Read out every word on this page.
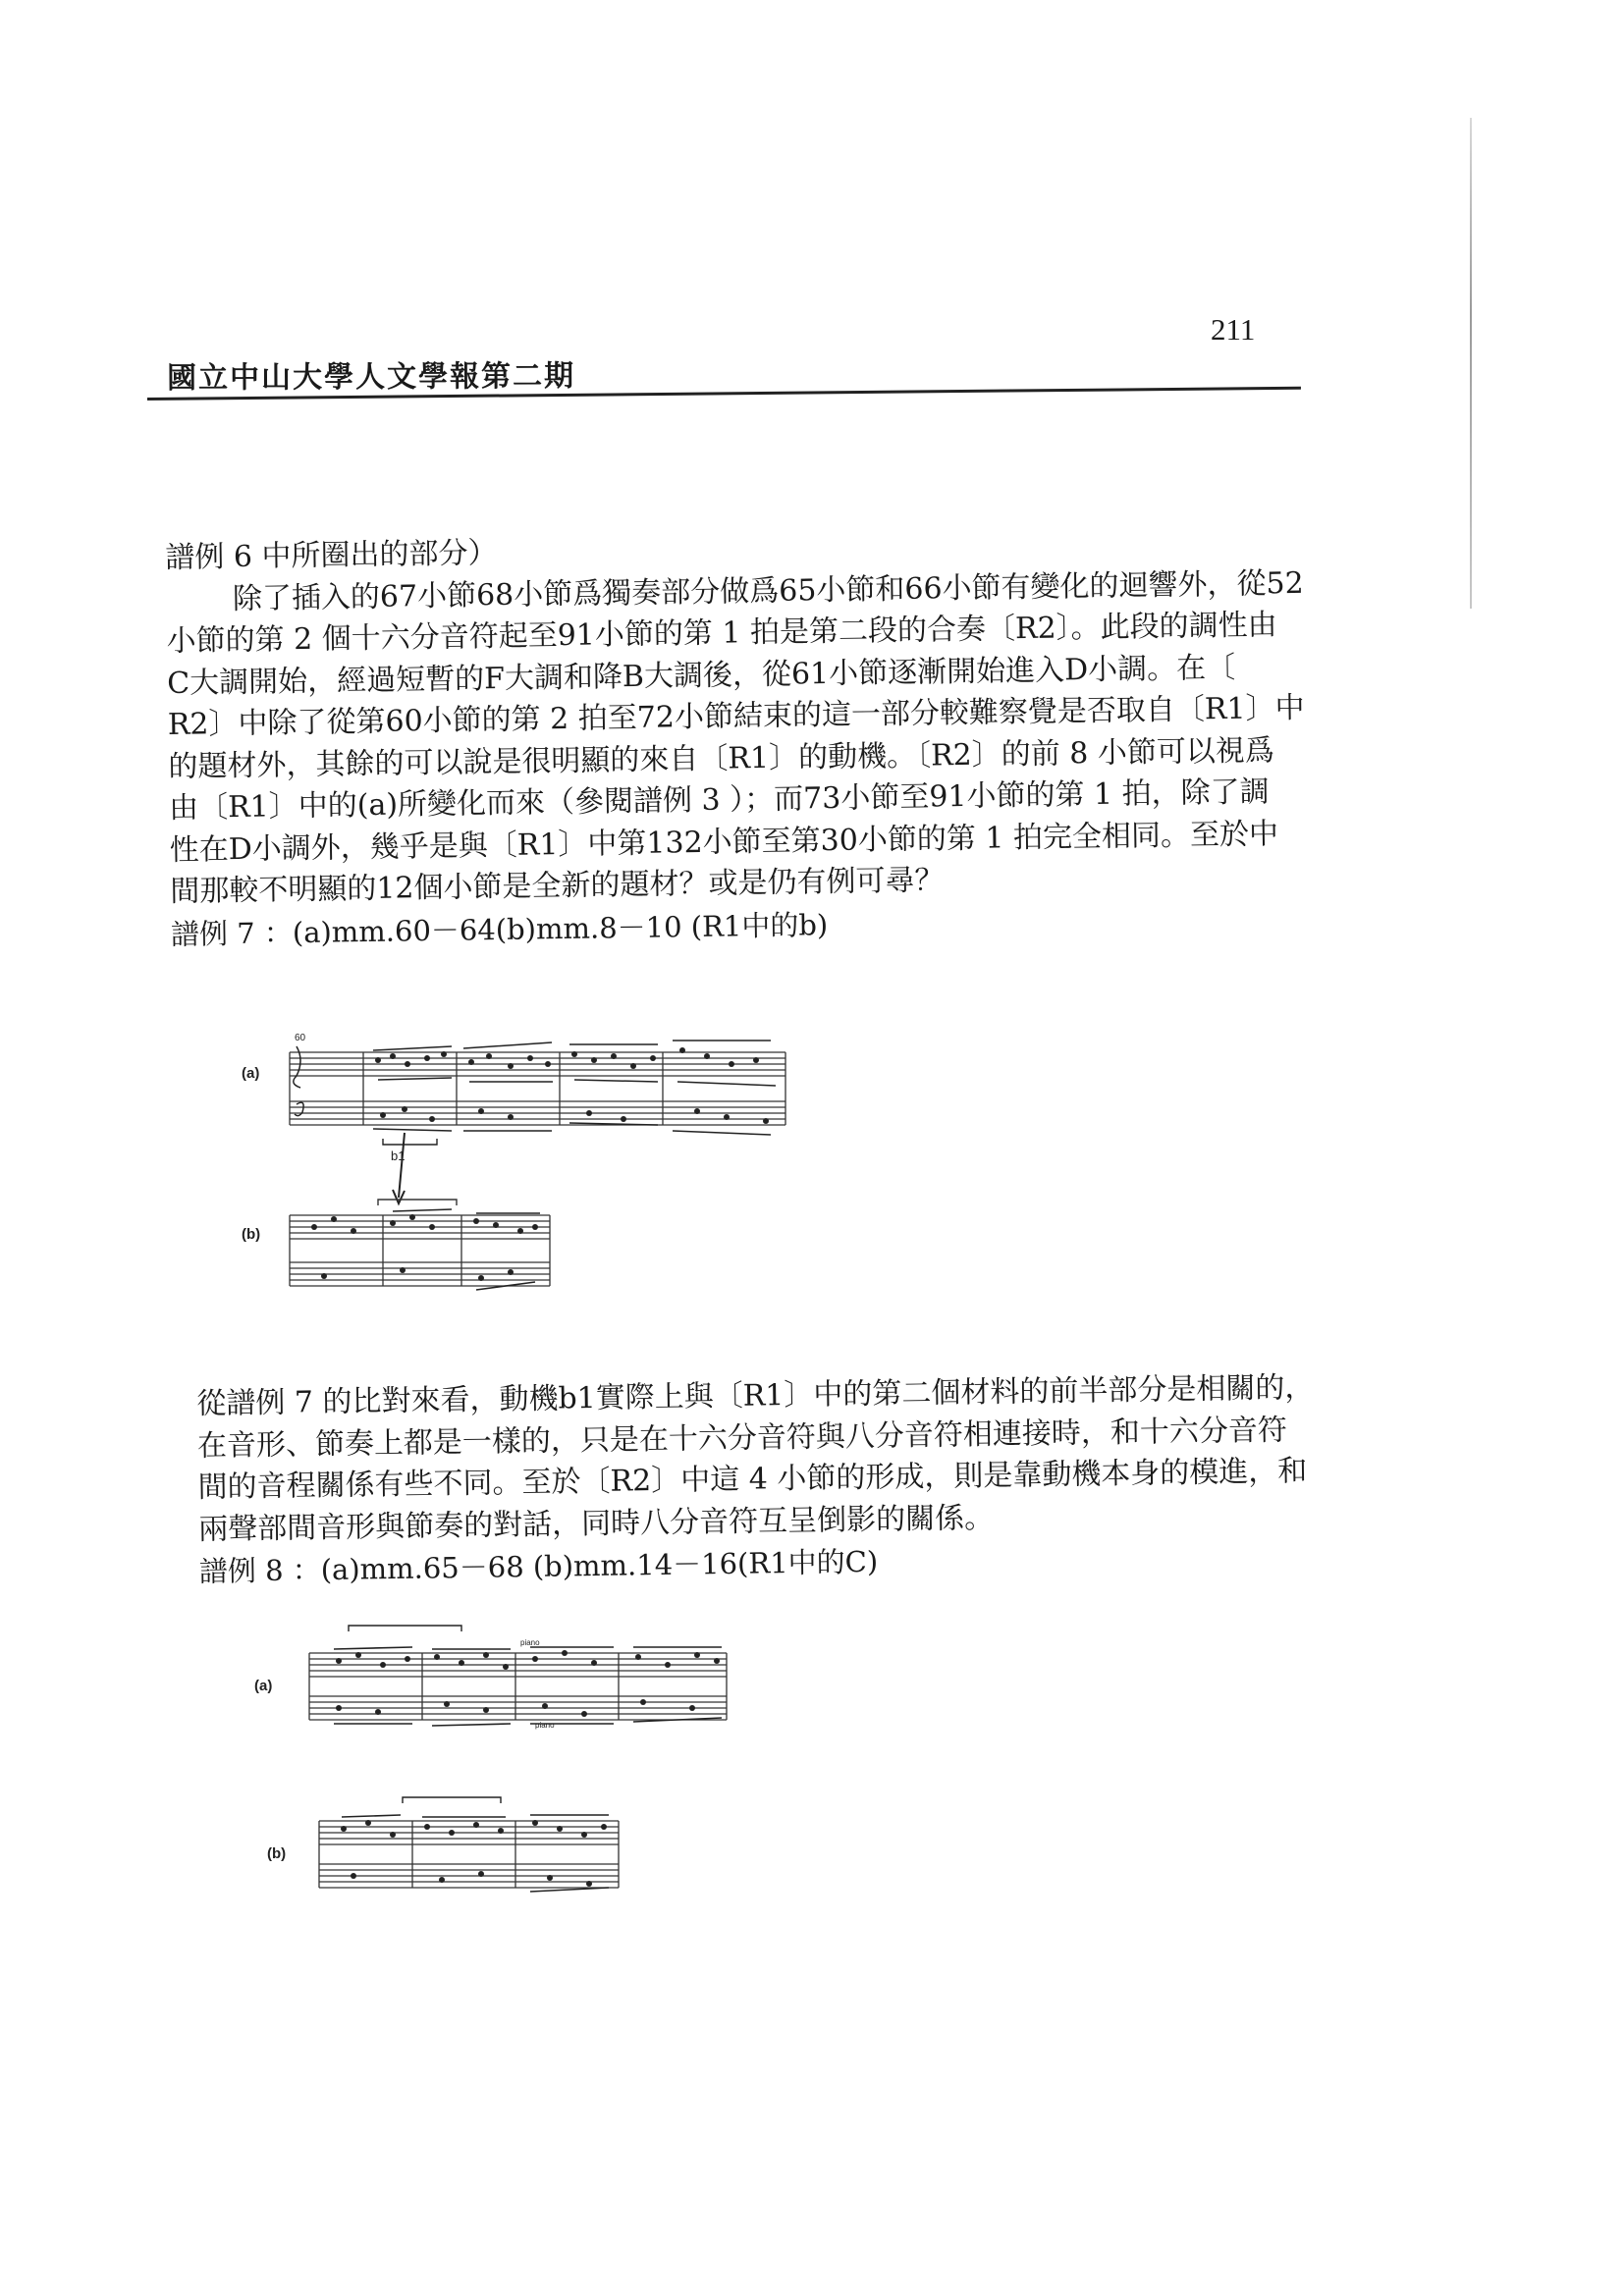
211
國立中山大學人文學報第二期

譜例 6 中所圈出的部分）

除了插入的67小節68小節爲獨奏部分做爲65小節和66小節有變化的迴響外，從52

小節的第 2 個十六分音符起至91小節的第 1 拍是第二段的合奏〔R2〕。此段的調性由

C大調開始，經過短暫的F大調和降B大調後，從61小節逐漸開始進入D小調。在〔

R2〕中除了從第60小節的第 2 拍至72小節結束的這一部分較難察覺是否取自〔R1〕中

的題材外，其餘的可以說是很明顯的來自〔R1〕的動機。〔R2〕的前 8 小節可以視爲

由〔R1〕中的(a)所變化而來（參閱譜例 3 ）；而73小節至91小節的第 1 拍，除了調

性在D小調外，幾乎是與〔R1〕中第132小節至第30小節的第 1 拍完全相同。至於中

間那較不明顯的12個小節是全新的題材？或是仍有例可尋？

譜例 7 ：(a)mm.60－64(b)mm.8－10 (R1中的b)

(a)
60
b1
(b)

從譜例 7 的比對來看，動機b1實際上與〔R1〕中的第二個材料的前半部分是相關的，

在音形、節奏上都是一樣的，只是在十六分音符與八分音符相連接時，和十六分音符

間的音程關係有些不同。至於〔R2〕中這 4 小節的形成，則是靠動機本身的模進，和

兩聲部間音形與節奏的對話，同時八分音符互呈倒影的關係。

譜例 8 ：(a)mm.65－68 (b)mm.14－16(R1中的C)

(a)
piano
piano
(b)
